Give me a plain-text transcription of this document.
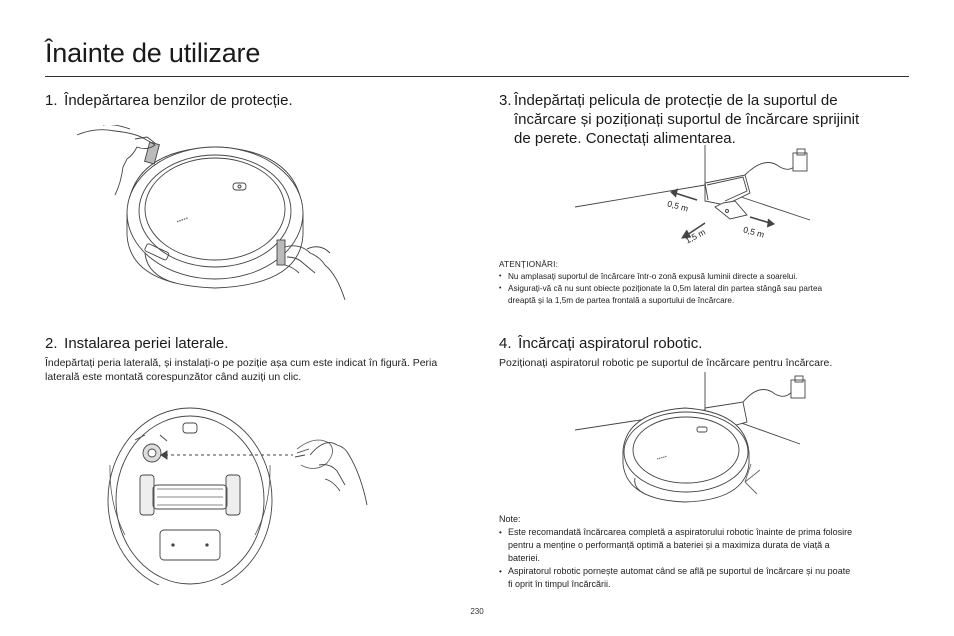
Înainte de utilizare
1. Îndepărtarea benzilor de protecție.
●●●●●
2. Instalarea periei laterale.
Îndepărtați peria laterală, și instalați-o pe poziție așa cum este indicat în figură. Peria laterală este montată corespunzător când auziți un clic.
3. Îndepărtați pelicula de protecție de la suportul de
încărcare și poziționați suportul de încărcare sprijinit
de perete. Conectați alimentarea.
0,5 m
0,5 m
1,5 m
ATENȚIONĂRI:
• Nu amplasați suportul de încărcare într-o zonă expusă luminii directe a soarelui.
• Asigurați-vă că nu sunt obiecte poziționate la 0,5m lateral din partea stângă sau partea
dreaptă și la 1,5m de partea frontală a suportului de încărcare.
4. Încărcați aspiratorul robotic.
Poziționați aspiratorul robotic pe suportul de încărcare pentru încărcare.
●●●●●
Note:
• Este recomandată încărcarea completă a aspiratorului robotic înainte de prima folosire
pentru a menține o performanță optimă a bateriei și a maximiza durata de viață a
bateriei.
• Aspiratorul robotic pornește automat când se află pe suportul de încărcare și nu poate
fi oprit în timpul încărcării.
230
